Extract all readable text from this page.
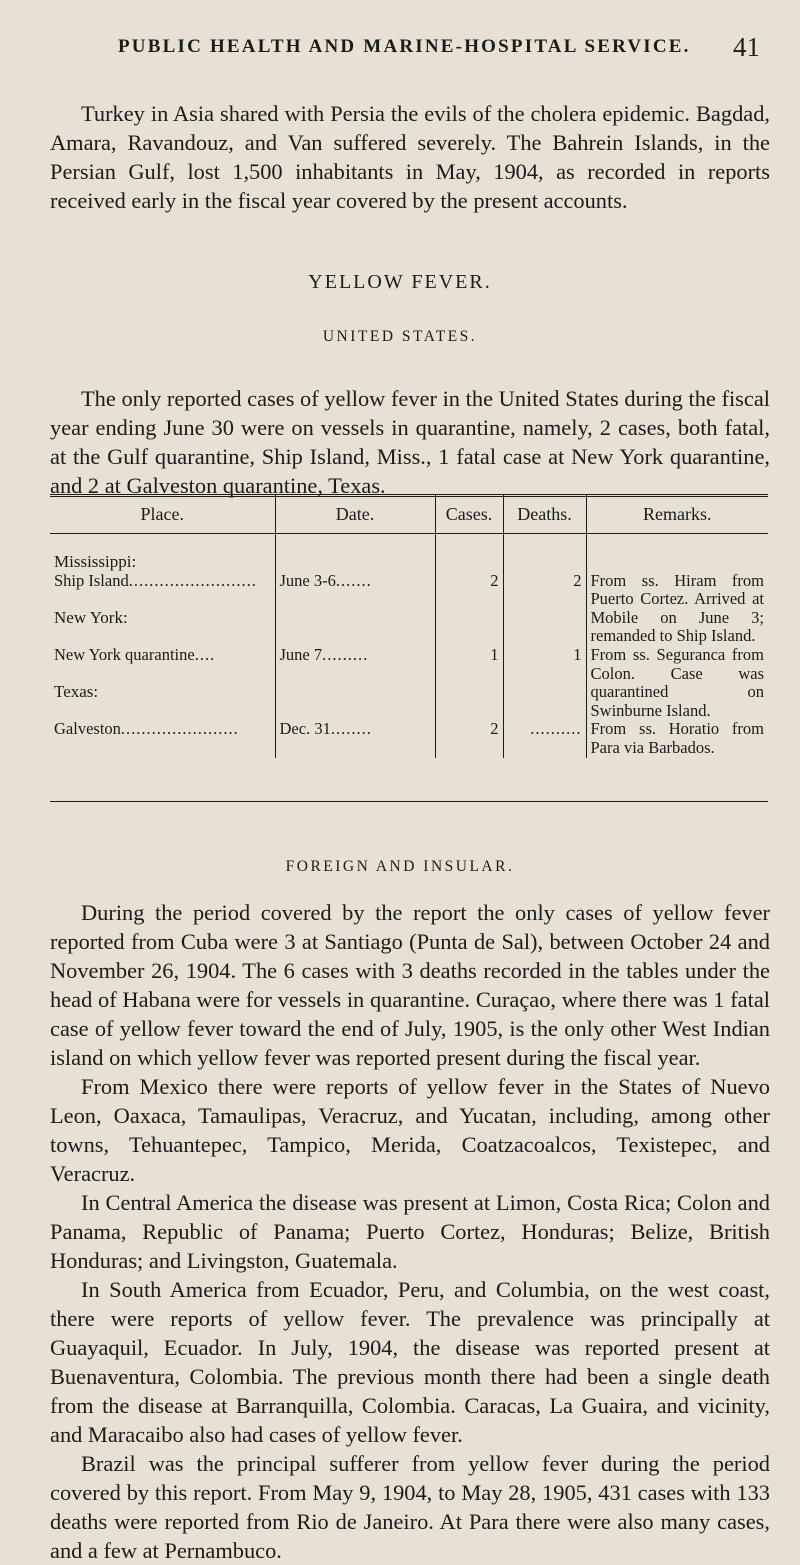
PUBLIC HEALTH AND MARINE-HOSPITAL SERVICE. 41

Turkey in Asia shared with Persia the evils of the cholera epidemic. Bagdad, Amara, Ravandouz, and Van suffered severely. The Bahrein Islands, in the Persian Gulf, lost 1,500 inhabitants in May, 1904, as recorded in reports received early in the fiscal year covered by the present accounts.

YELLOW FEVER.
UNITED STATES.

The only reported cases of yellow fever in the United States during the fiscal year ending June 30 were on vessels in quarantine, namely, 2 cases, both fatal, at the Gulf quarantine, Ship Island, Miss., 1 fatal case at New York quarantine, and 2 at Galveston quarantine, Texas.

Place.	Date.	Cases.	Deaths.	Remarks.

Mississippi:				
Ship Island.........................	June 3-6.......	2	2	From ss. Hiram from Puerto Cortez. Arrived at Mobile on June 3; remanded to Ship Island.
New York:				
New York quarantine....	June 7.........	1	1	From ss. Seguranca from Colon. Case was quarantined on Swinburne Island.
Texas:				
Galveston.......................	Dec. 31........	2	..........	From ss. Horatio from Para via Barbados.
FOREIGN AND INSULAR.

During the period covered by the report the only cases of yellow fever reported from Cuba were 3 at Santiago (Punta de Sal), between October 24 and November 26, 1904. The 6 cases with 3 deaths recorded in the tables under the head of Habana were for vessels in quarantine. Curaçao, where there was 1 fatal case of yellow fever toward the end of July, 1905, is the only other West Indian island on which yellow fever was reported present during the fiscal year.

From Mexico there were reports of yellow fever in the States of Nuevo Leon, Oaxaca, Tamaulipas, Veracruz, and Yucatan, including, among other towns, Tehuantepec, Tampico, Merida, Coatzacoalcos, Texistepec, and Veracruz.

In Central America the disease was present at Limon, Costa Rica; Colon and Panama, Republic of Panama; Puerto Cortez, Honduras; Belize, British Honduras; and Livingston, Guatemala.

In South America from Ecuador, Peru, and Columbia, on the west coast, there were reports of yellow fever. The prevalence was principally at Guayaquil, Ecuador. In July, 1904, the disease was reported present at Buenaventura, Colombia. The previous month there had been a single death from the disease at Barranquilla, Colombia. Caracas, La Guaira, and vicinity, and Maracaibo also had cases of yellow fever.

Brazil was the principal sufferer from yellow fever during the period covered by this report. From May 9, 1904, to May 28, 1905, 431 cases with 133 deaths were reported from Rio de Janeiro. At Para there were also many cases, and a few at Pernambuco.
